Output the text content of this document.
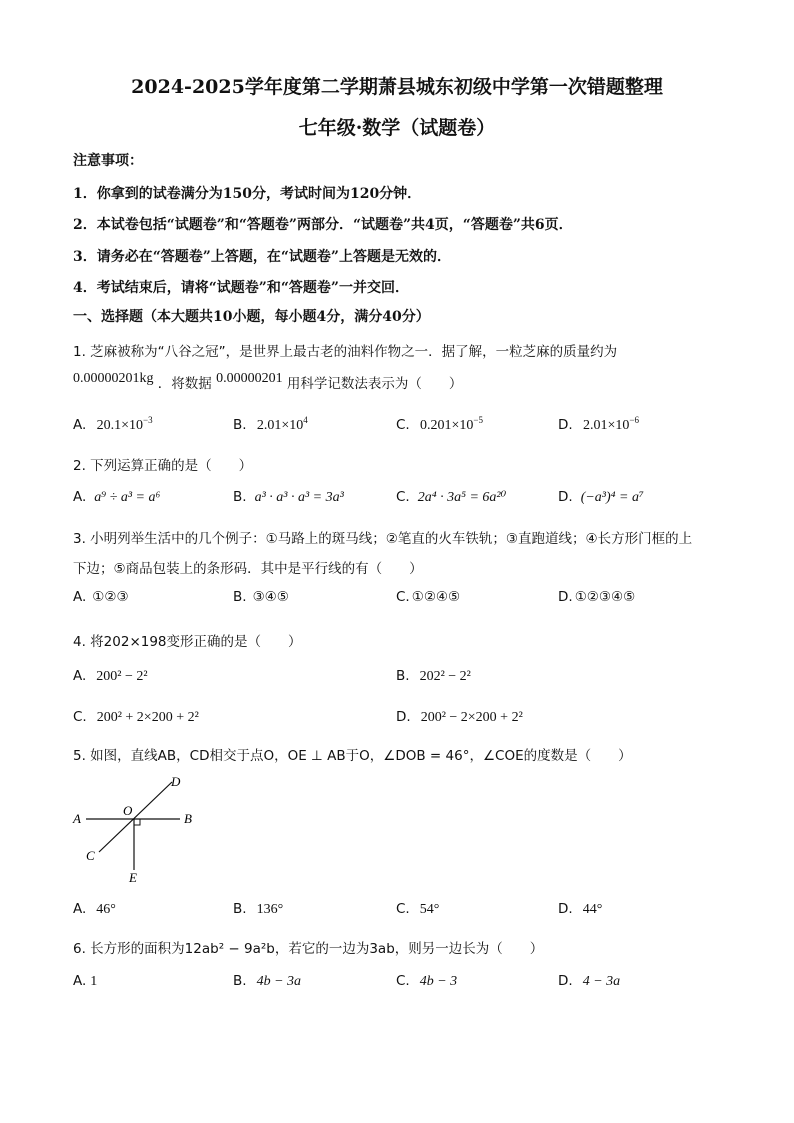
2024-2025学年度第二学期萧县城东初级中学第一次错题整理
七年级·数学（试题卷）
注意事项：
1．你拿到的试卷满分为150分，考试时间为120分钟．
2．本试卷包括“试题卷”和“答题卷”两部分．“试题卷”共4页，“答题卷”共6页．
3．请务必在“答题卷”上答题，在“试题卷”上答题是无效的．
4．考试结束后，请将“试题卷”和“答题卷”一并交回．
一、选择题（本大题共10小题，每小题4分，满分40分）
1. 芝麻被称为“八谷之冠”，是世界上最古老的油料作物之一．据了解，一粒芝麻的质量约为
0.00000201kg ．将数据 0.00000201 用科学记数法表示为（　　）
A. $20.1\times 10^{-3}$	B. $2.01\times 10^4$	C. $0.201\times 10^{-5}$	D. $2.01\times 10^{-6}$
2. 下列运算正确的是（　　）
A. a⁹ ÷ a³ = a⁶	B. a³ · a³ · a³ = 3a³	C. 2a⁴ · 3a⁵ = 6a²⁰	D. (−a³)⁴ = a⁷
3. 小明列举生活中的几个例子：①马路上的斑马线；②笔直的火车铁轨；③直跑道线；④长方形门框的上
下边；⑤商品包装上的条形码．其中是平行线的有（　　）
A. ①②③	B. ③④⑤	C. ①②④⑤	D. ①②③④⑤
4. 将202×198变形正确的是（　　）
A. 200² − 2²	B. 202² − 2²
C. 200² + 2×200 + 2²	D. 200² − 2×200 + 2²
5. 如图，直线AB，CD相交于点O，OE ⊥ AB于O，∠DOB = 46°，∠COE的度数是（　　）
A	B
C
D
O
E
A. 46°	B. 136°	C. 54°	D. 44°
6. 长方形的面积为12ab² − 9a²b，若它的一边为3ab，则另一边长为（　　）
A. 1	B. 4b − 3a	C. 4b − 3	D. 4 − 3a
